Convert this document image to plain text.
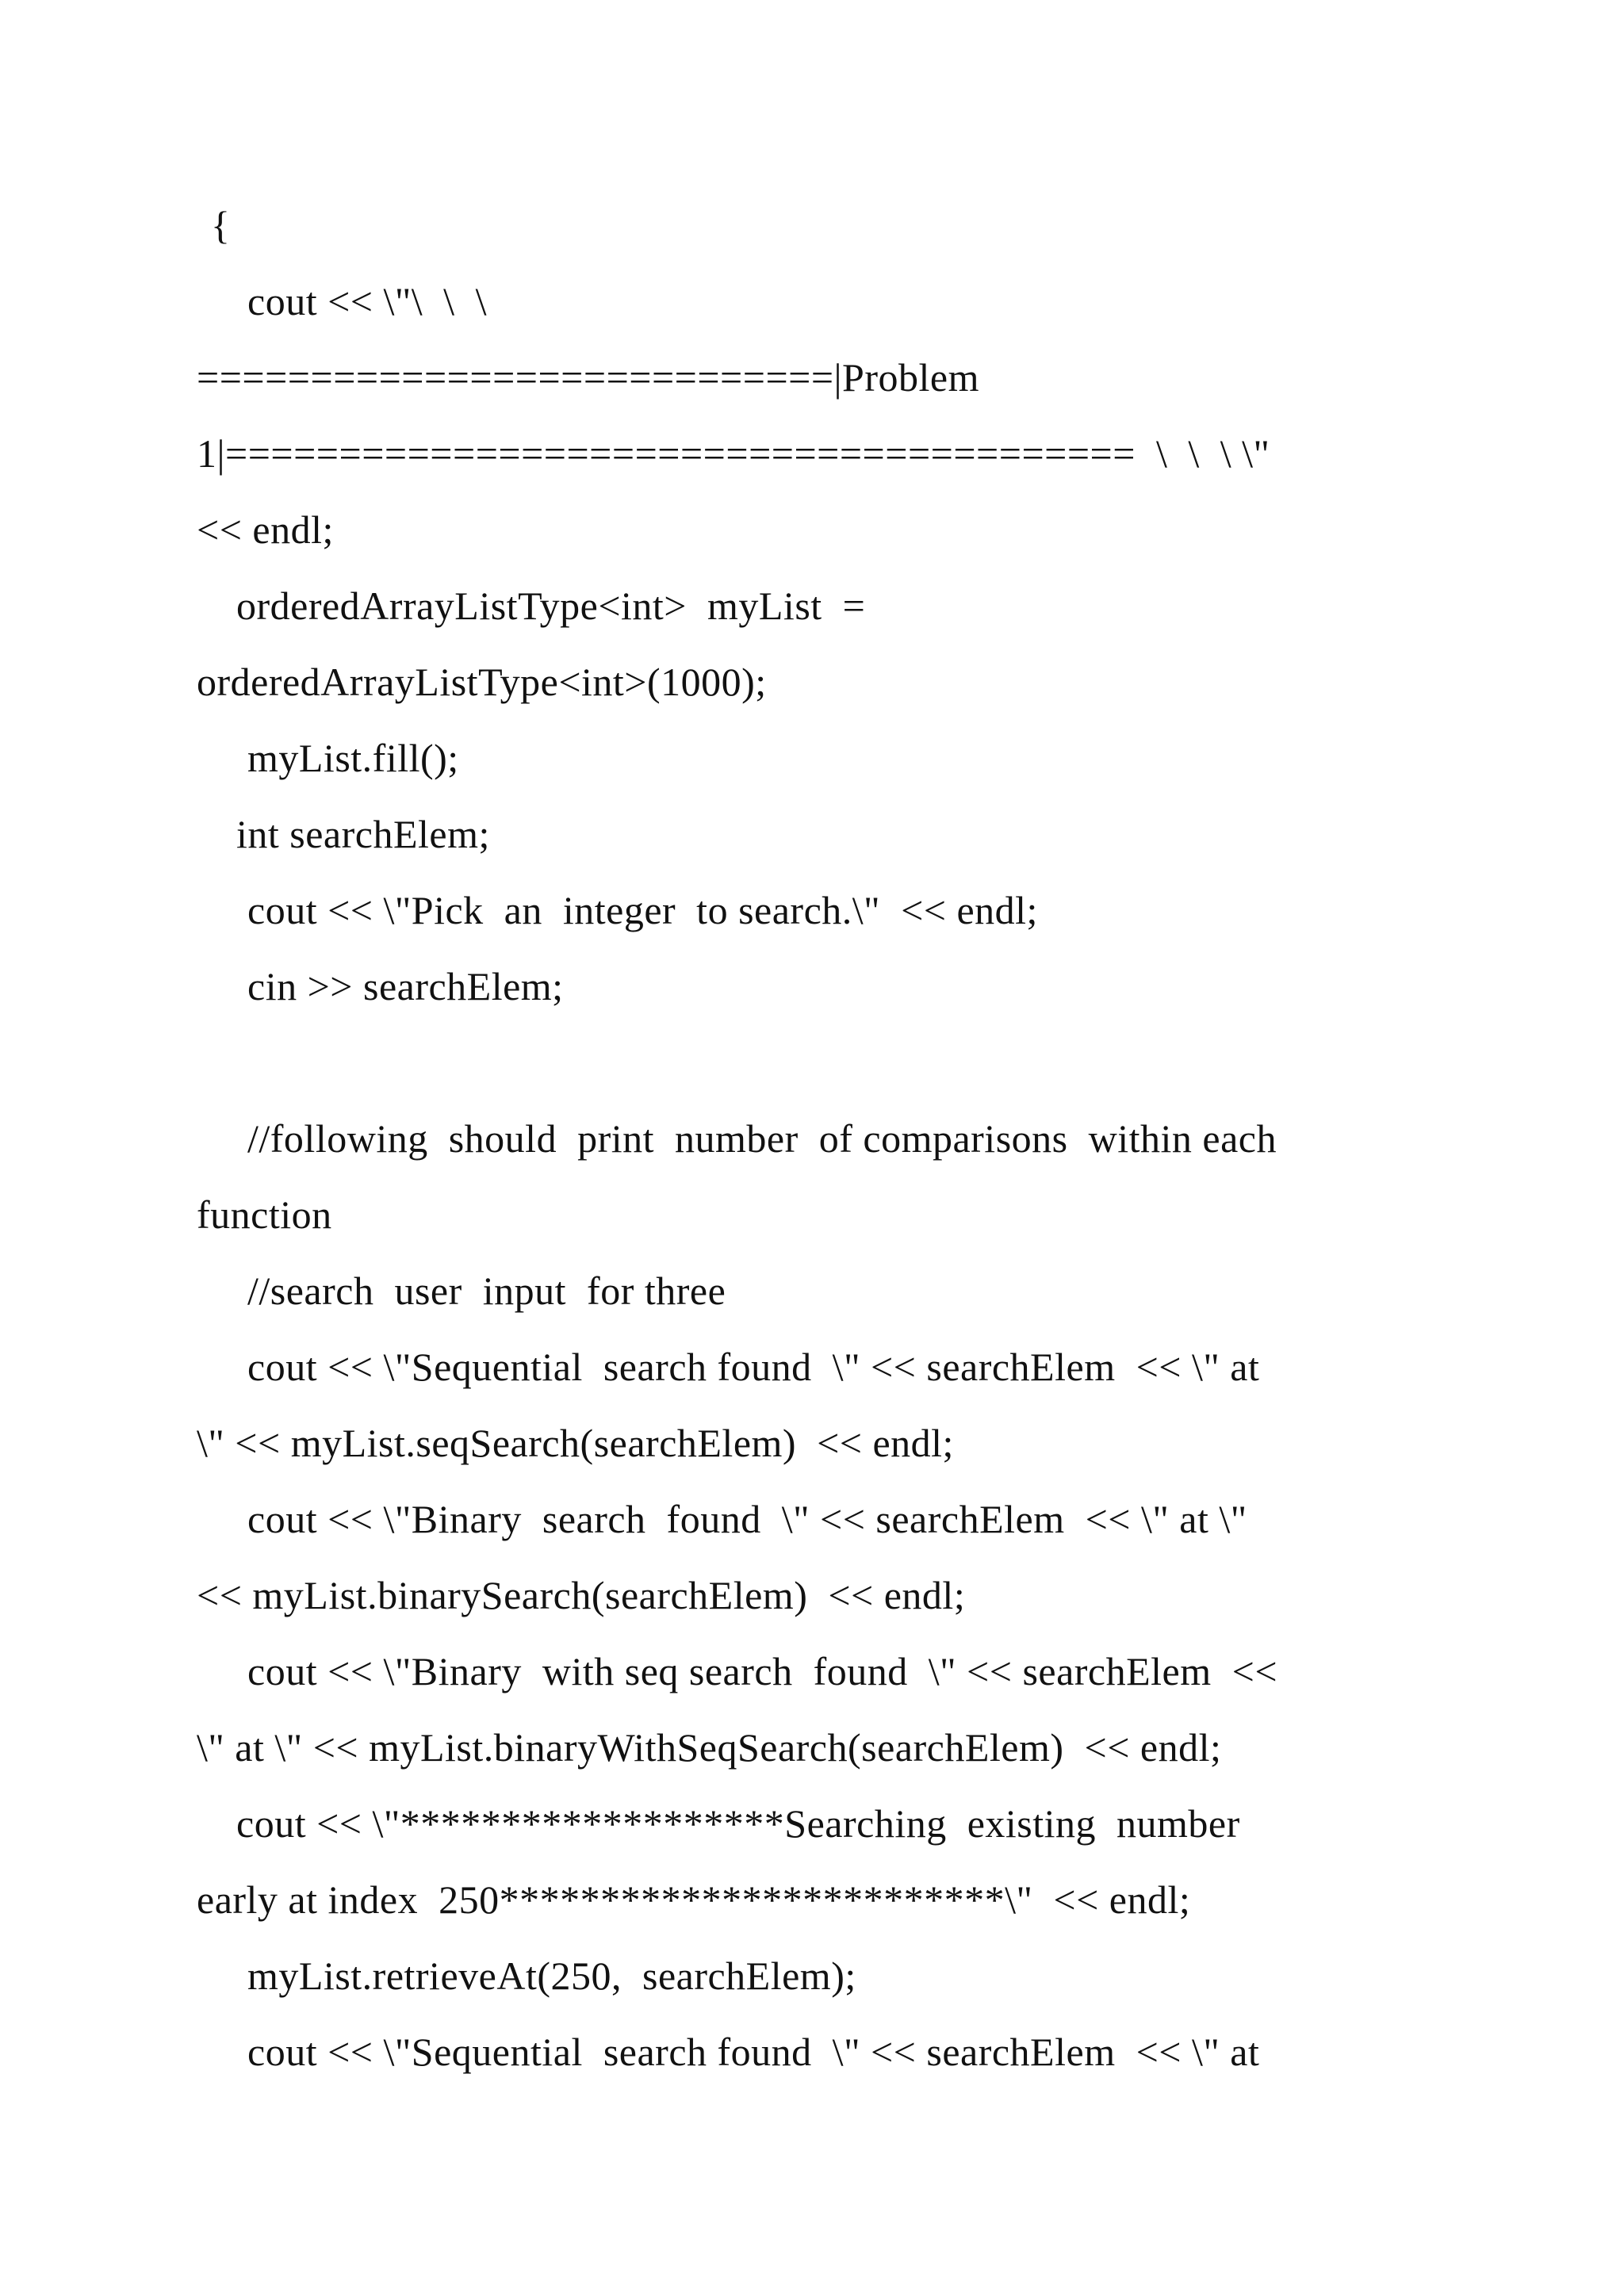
{
cout << \"\  \  \
============================|Problem
1|========================================  \  \  \ \"
<< endl;
orderedArrayListType<int>  myList  =
orderedArrayListType<int>(1000);
myList.fill();
int searchElem;
cout << \"Pick  an  integer  to search.\"  << endl;
cin >> searchElem;
//following  should  print  number  of comparisons  within each
function
//search  user  input  for three
cout << \"Sequential  search found  \" << searchElem  << \" at
\" << myList.seqSearch(searchElem)  << endl;
cout << \"Binary  search  found  \" << searchElem  << \" at \"
<< myList.binarySearch(searchElem)  << endl;
cout << \"Binary  with seq search  found  \" << searchElem  <<
\" at \" << myList.binaryWithSeqSearch(searchElem)  << endl;
cout << \"*******************Searching  existing  number
early at index  250*************************\"  << endl;
myList.retrieveAt(250,  searchElem);
cout << \"Sequential  search found  \" << searchElem  << \" at
